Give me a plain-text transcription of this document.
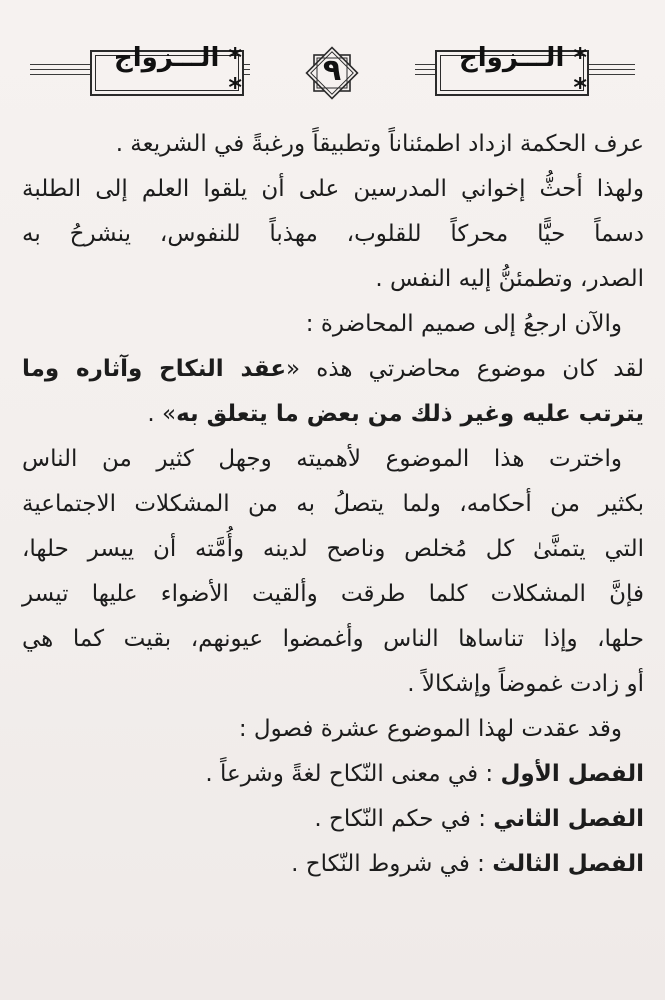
* الـــزواج *	٩	* الـــزواج *
عرف الحكمة ازداد اطمئناناً وتطبيقاً ورغبةً في الشريعة .
ولهذا أحثُّ إخواني المدرسين على أن يلقوا العلم إلى الطلبة
دسماً حيًّا محركاً للقلوب، مهذباً للنفوس، ينشرحُ به
الصدر، وتطمئنُّ إليه النفس .
والآن ارجعُ إلى صميم المحاضرة :
لقد كان موضوع محاضرتي هذه «عقد النكاح وآثاره وما
يترتب عليه وغير ذلك من بعض ما يتعلق به» .
واخترت هذا الموضوع لأهميته وجهل كثير من الناس
بكثير من أحكامه، ولما يتصلُ به من المشكلات الاجتماعية
التي يتمنَّىٰ كل مُخلص وناصح لدينه وأُمَّته أن ييسر حلها،
فإنَّ المشكلات كلما طرقت وألقيت الأضواء عليها تيسر
حلها، وإذا تناساها الناس وأغمضوا عيونهم، بقيت كما هي
أو زادت غموضاً وإشكالاً .
وقد عقدت لهذا الموضوع عشرة فصول :
الفصل الأول : في معنى النّكاح لغةً وشرعاً .
الفصل الثاني : في حكم النّكاح .
الفصل الثالث : في شروط النّكاح .
